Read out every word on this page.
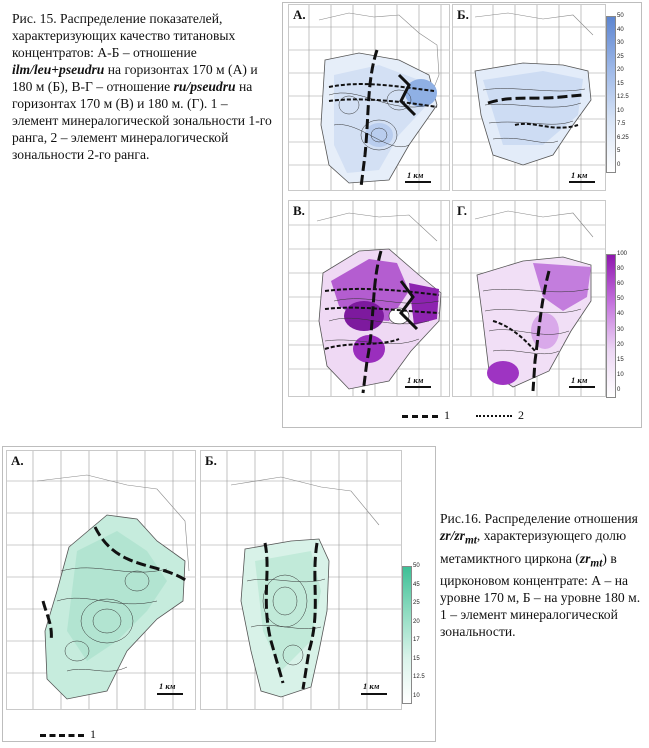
Рис. 15. Распределение показателей, характеризующих качество титановых концентратов: А-Б – отношение ilm/leu+pseudru на горизонтах 170 м (А) и 180 м (Б), В-Г – отношение ru/pseudru на горизонтах 170 м (В) и 180 м. (Г). 1 – элемент минералогической зональности 1-го ранга, 2 – элемент минералогической зональности 2-го ранга.
А.
1 км
Б.
1 км
50
40
30
25
20
15
12.5
10
7.5
6.25
5
0
В.
1 км
Г.
1 км
100
80
60
50
40
30
20
15
10
0
1	2
А.
1 км
Б.
1 км
50
45
25
20
17
15
12.5
10
1
Рис.16. Распределение отношения $zr/zr_{mt}$, характеризующего долю метамиктного циркона $(zr_{mt})$ в цирконовом концентрате: А – на уровне 170 м, Б – на уровне 180 м. 1 – элемент минералогической зональности.
